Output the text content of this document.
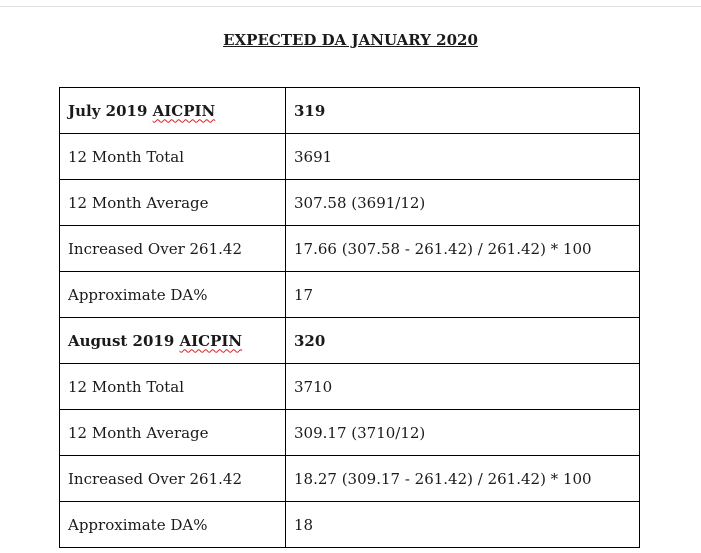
EXPECTED DA JANUARY 2020
July 2019 AICPIN	319
12 Month Total	3691
12 Month Average	307.58 (3691/12)
Increased Over 261.42	17.66 (307.58 - 261.42) / 261.42) * 100
Approximate DA%	17
August 2019 AICPIN	320
12 Month Total	3710
12 Month Average	309.17 (3710/12)
Increased Over 261.42	18.27 (309.17 - 261.42) / 261.42) * 100
Approximate DA%	18
